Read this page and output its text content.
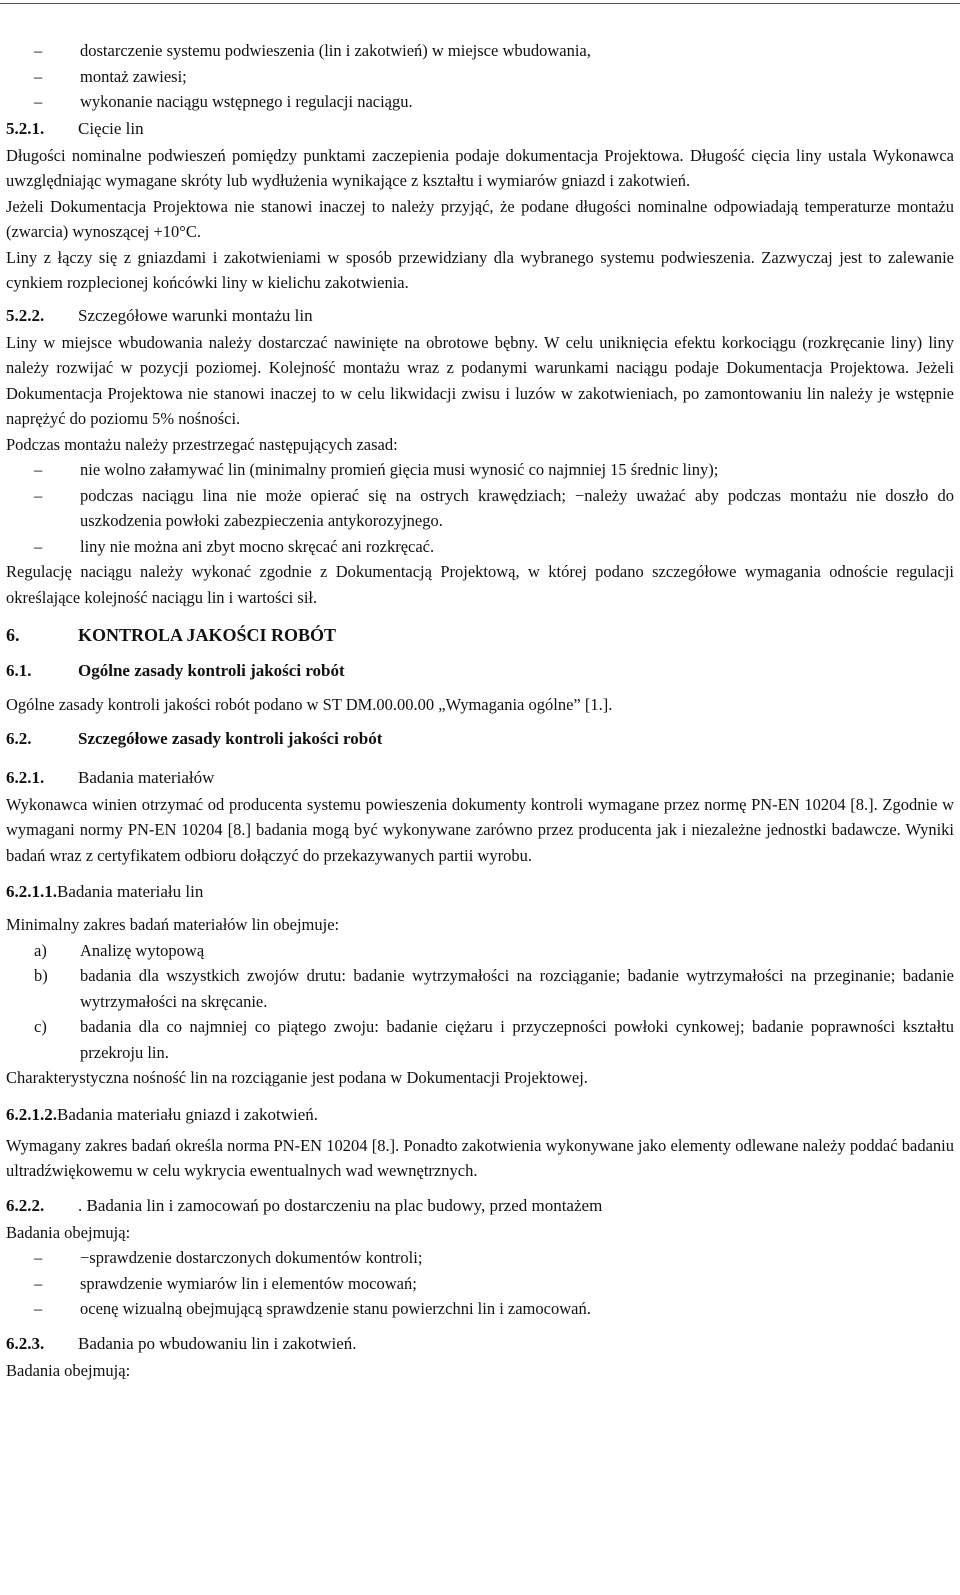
–	dostarczenie systemu podwieszenia (lin i zakotwień) w miejsce wbudowania,
–	montaż zawiesi;
–	wykonanie naciągu wstępnego i regulacji naciągu.
5.2.1. Cięcie lin

Długości nominalne podwieszeń pomiędzy punktami zaczepienia podaje dokumentacja Projektowa. Długość cięcia liny ustala Wykonawca uwzględniając wymagane skróty lub wydłużenia wynikające z kształtu i wymiarów gniazd i zakotwień.

Jeżeli Dokumentacja Projektowa nie stanowi inaczej to należy przyjąć, że podane długości nominalne odpowiadają temperaturze montażu (zwarcia) wynoszącej +10°C.

Liny z łączy się z gniazdami i zakotwieniami w sposób przewidziany dla wybranego systemu podwieszenia. Zazwyczaj jest to zalewanie cynkiem rozplecionej końcówki liny w kielichu zakotwienia.

5.2.2. Szczegółowe warunki montażu lin

Liny w miejsce wbudowania należy dostarczać nawinięte na obrotowe bębny. W celu uniknięcia efektu korkociągu (rozkręcanie liny) liny należy rozwijać w pozycji poziomej. Kolejność montażu wraz z podanymi warunkami naciągu podaje Dokumentacja Projektowa. Jeżeli Dokumentacja Projektowa nie stanowi inaczej to w celu likwidacji zwisu i luzów w zakotwieniach, po zamontowaniu lin należy je wstępnie naprężyć do poziomu 5% nośności.

Podczas montażu należy przestrzegać następujących zasad:

–	nie wolno załamywać lin (minimalny promień gięcia musi wynosić co najmniej 15 średnic liny);
–	podczas naciągu lina nie może opierać się na ostrych krawędziach; −należy uważać aby podczas montażu nie doszło do uszkodzenia powłoki zabezpieczenia antykorozyjnego.
–	liny nie można ani zbyt mocno skręcać ani rozkręcać.

Regulację naciągu należy wykonać zgodnie z Dokumentacją Projektową, w której podano szczegółowe wymagania odnoście regulacji określające kolejność naciągu lin i wartości sił.

6.	KONTROLA JAKOŚCI ROBÓT
6.1.	Ogólne zasady kontroli jakości robót

Ogólne zasady kontroli jakości robót podano w ST DM.00.00.00 „Wymagania ogólne” [1.].

6.2.	Szczegółowe zasady kontroli jakości robót
6.2.1. Badania materiałów

Wykonawca winien otrzymać od producenta systemu powieszenia dokumenty kontroli wymagane przez normę PN-EN 10204 [8.]. Zgodnie w wymagani normy PN-EN 10204 [8.] badania mogą być wykonywane zarówno przez producenta jak i niezależne jednostki badawcze. Wyniki badań wraz z certyfikatem odbioru dołączyć do przekazywanych partii wyrobu.

6.2.1.1.Badania materiału lin

Minimalny zakres badań materiałów lin obejmuje:

a)	Analizę wytopową
b)	badania dla wszystkich zwojów drutu: badanie wytrzymałości na rozciąganie; badanie wytrzymałości na przeginanie; badanie wytrzymałości na skręcanie.
c)	badania dla co najmniej co piątego zwoju: badanie ciężaru i przyczepności powłoki cynkowej; badanie poprawności kształtu przekroju lin.

Charakterystyczna nośność lin na rozciąganie jest podana w Dokumentacji Projektowej.

6.2.1.2.Badania materiału gniazd i zakotwień.

Wymagany zakres badań określa norma PN-EN 10204 [8.]. Ponadto zakotwienia wykonywane jako elementy odlewane należy poddać badaniu ultradźwiękowemu w celu wykrycia ewentualnych wad wewnętrznych.

6.2.2. . Badania lin i zamocowań po dostarczeniu na plac budowy, przed montażem

Badania obejmują:

–	−sprawdzenie dostarczonych dokumentów kontroli;
–	sprawdzenie wymiarów lin i elementów mocowań;
–	ocenę wizualną obejmującą sprawdzenie stanu powierzchni lin i zamocowań.
6.2.3. Badania po wbudowaniu lin i zakotwień.

Badania obejmują:
